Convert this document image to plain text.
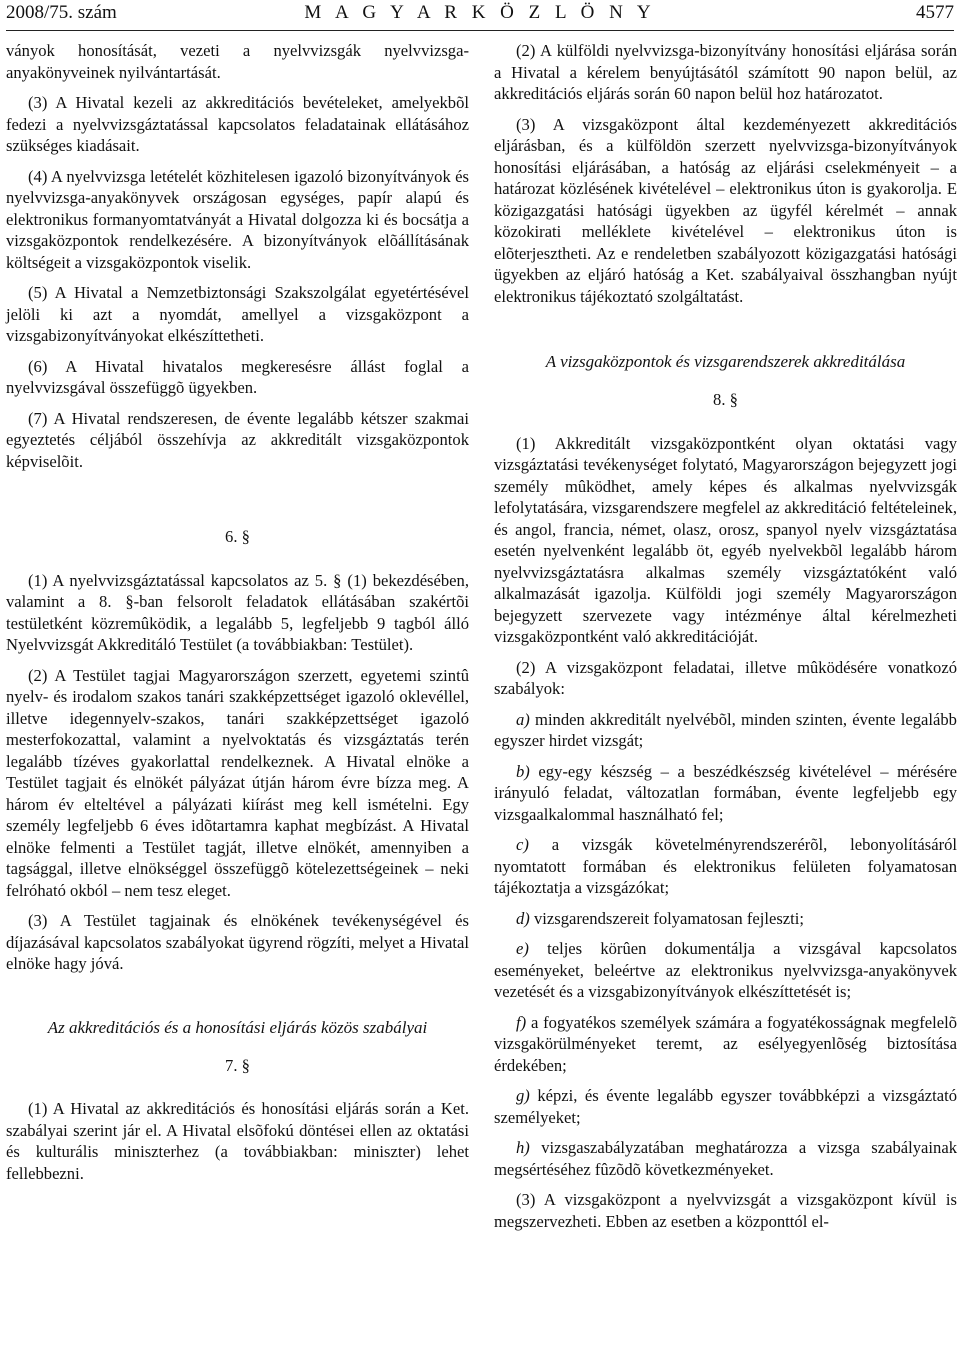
2008/75. szám	M A G Y A R K Ö Z L Ö N Y	4577

ványok honosítását, vezeti a nyelvvizsgák nyelvvizsga-anyakönyveinek nyilvántartását.

(3) A Hivatal kezeli az akkreditációs bevételeket, amelyekbõl fedezi a nyelvvizsgáztatással kapcsolatos feladatainak ellátásához szükséges kiadásait.

(4) A nyelvvizsga letételét közhitelesen igazoló bizonyítványok és nyelvvizsga-anyakönyvek országosan egységes, papír alapú és elektronikus formanyomtatványát a Hivatal dolgozza ki és bocsátja a vizsgaközpontok rendelkezésére. A bizonyítványok elõállításának költségeit a vizsgaközpontok viselik.

(5) A Hivatal a Nemzetbiztonsági Szakszolgálat egyetértésével jelöli ki azt a nyomdát, amellyel a vizsgaközpont a vizsgabizonyítványokat elkészíttetheti.

(6) A Hivatal hivatalos megkeresésre állást foglal a nyelvvizsgával összefüggõ ügyekben.

(7) A Hivatal rendszeresen, de évente legalább kétszer szakmai egyeztetés céljából összehívja az akkreditált vizsgaközpontok képviselõit.

6. §

(1) A nyelvvizsgáztatással kapcsolatos az 5. § (1) bekezdésében, valamint a 8. §-ban felsorolt feladatok ellátásában szakértõi testületként közremûködik, a legalább 5, legfeljebb 9 tagból álló Nyelvvizsgát Akkreditáló Testület (a továbbiakban: Testület).

(2) A Testület tagjai Magyarországon szerzett, egyetemi szintû nyelv- és irodalom szakos tanári szakképzettséget igazoló oklevéllel, illetve idegennyelv-szakos, tanári szakképzettséget igazoló mesterfokozattal, valamint a nyelvoktatás és vizsgáztatás terén legalább tízéves gyakorlattal rendelkeznek. A Hivatal elnöke a Testület tagjait és elnökét pályázat útján három évre bízza meg. A három év elteltével a pályázati kiírást meg kell ismételni. Egy személy legfeljebb 6 éves idõtartamra kaphat megbízást. A Hivatal elnöke felmenti a Testület tagját, illetve elnökét, amennyiben a tagsággal, illetve elnökséggel összefüggõ kötelezettségeinek – neki felróható okból – nem tesz eleget.

(3) A Testület tagjainak és elnökének tevékenységével és díjazásával kapcsolatos szabályokat ügyrend rögzíti, melyet a Hivatal elnöke hagy jóvá.

Az akkreditációs és a honosítási eljárás közös szabályai
7. §

(1) A Hivatal az akkreditációs és honosítási eljárás során a Ket. szabályai szerint jár el. A Hivatal elsõfokú döntései ellen az oktatási és kulturális miniszterhez (a továbbiakban: miniszter) lehet fellebbezni.

(2) A külföldi nyelvvizsga-bizonyítvány honosítási eljárása során a Hivatal a kérelem benyújtásától számított 90 napon belül, az akkreditációs eljárás során 60 napon belül hoz határozatot.

(3) A vizsgaközpont által kezdeményezett akkreditációs eljárásban, és a külföldön szerzett nyelvvizsga-bizonyítványok honosítási eljárásában, a hatóság az eljárási cselekményeit – a határozat közlésének kivételével – elektronikus úton is gyakorolja. E közigazgatási hatósági ügyekben az ügyfél kérelmét – annak közokirati melléklete kivételével – elektronikus úton is elõterjesztheti. Az e rendeletben szabályozott közigazgatási hatósági ügyekben az eljáró hatóság a Ket. szabályaival összhangban nyújt elektronikus tájékoztató szolgáltatást.

A vizsgaközpontok és vizsgarendszerek akkreditálása
8. §

(1) Akkreditált vizsgaközpontként olyan oktatási vagy vizsgáztatási tevékenységet folytató, Magyarországon bejegyzett jogi személy mûködhet, amely képes és alkalmas nyelvvizsgák lefolytatására, vizsgarendszere megfelel az akkreditáció feltételeinek, és angol, francia, német, olasz, orosz, spanyol nyelv vizsgáztatása esetén nyelvenként legalább öt, egyéb nyelvekbõl legalább három nyelvvizsgáztatásra alkalmas személy vizsgáztatóként való alkalmazását igazolja. Külföldi jogi személy Magyarországon bejegyzett szervezete vagy intézménye által kérelmezheti vizsgaközpontként való akkreditációját.

(2) A vizsgaközpont feladatai, illetve mûködésére vonatkozó szabályok:

a) minden akkreditált nyelvébõl, minden szinten, évente legalább egyszer hirdet vizsgát;

b) egy-egy készség – a beszédkészség kivételével – mérésére irányuló feladat, változatlan formában, évente legfeljebb egy vizsgaalkalommal használható fel;

c) a vizsgák követelményrendszerérõl, lebonyolításáról nyomtatott formában és elektronikus felületen folyamatosan tájékoztatja a vizsgázókat;

d) vizsgarendszereit folyamatosan fejleszti;

e) teljes körûen dokumentálja a vizsgával kapcsolatos eseményeket, beleértve az elektronikus nyelvvizsga-anyakönyvek vezetését és a vizsgabizonyítványok elkészíttetését is;

f) a fogyatékos személyek számára a fogyatékosságnak megfelelõ vizsgakörülményeket teremt, az esélyegyenlõség biztosítása érdekében;

g) képzi, és évente legalább egyszer továbbképzi a vizsgáztató személyeket;

h) vizsgaszabályzatában meghatározza a vizsga szabályainak megsértéséhez fûzõdõ következményeket.

(3) A vizsgaközpont a nyelvvizsgát a vizsgaközpont kívül is megszervezheti. Ebben az esetben a központtól el-
